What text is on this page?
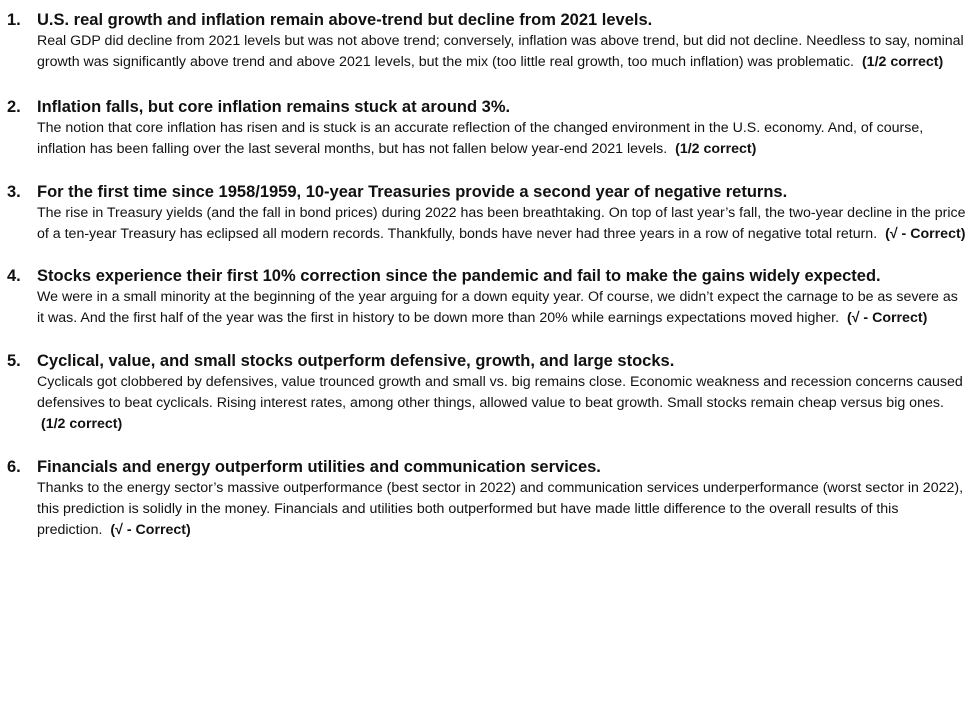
1. U.S. real growth and inflation remain above-trend but decline from 2021 levels.

Real GDP did decline from 2021 levels but was not above trend; conversely, inflation was above trend, but did not decline. Needless to say, nominal growth was significantly above trend and above 2021 levels, but the mix (too little real growth, too much inflation) was problematic. (1/2 correct)

2. Inflation falls, but core inflation remains stuck at around 3%.

The notion that core inflation has risen and is stuck is an accurate reflection of the changed environment in the U.S. economy. And, of course, inflation has been falling over the last several months, but has not fallen below year-end 2021 levels. (1/2 correct)

3. For the first time since 1958/1959, 10-year Treasuries provide a second year of negative returns.

The rise in Treasury yields (and the fall in bond prices) during 2022 has been breathtaking. On top of last year’s fall, the two-year decline in the price of a ten-year Treasury has eclipsed all modern records. Thankfully, bonds have never had three years in a row of negative total return. (√ - Correct)

4. Stocks experience their first 10% correction since the pandemic and fail to make the gains widely expected.

We were in a small minority at the beginning of the year arguing for a down equity year. Of course, we didn’t expect the carnage to be as severe as it was. And the first half of the year was the first in history to be down more than 20% while earnings expectations moved higher. (√ - Correct)

5. Cyclical, value, and small stocks outperform defensive, growth, and large stocks.

Cyclicals got clobbered by defensives, value trounced growth and small vs. big remains close. Economic weakness and recession concerns caused defensives to beat cyclicals. Rising interest rates, among other things, allowed value to beat growth. Small stocks remain cheap versus big ones. (1/2 correct)

6. Financials and energy outperform utilities and communication services.

Thanks to the energy sector’s massive outperformance (best sector in 2022) and communication services underperformance (worst sector in 2022), this prediction is solidly in the money. Financials and utilities both outperformed but have made little difference to the overall results of this prediction. (√ - Correct)
